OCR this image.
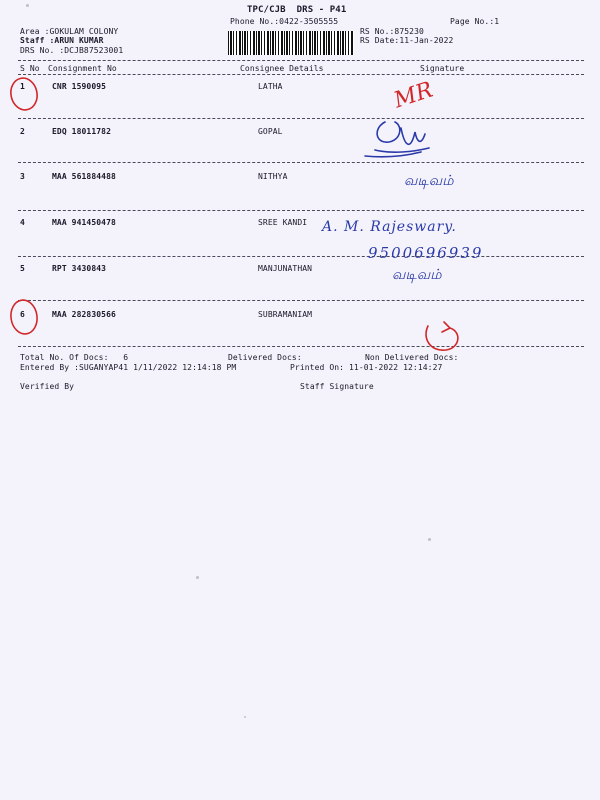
TPC/CJB  DRS - P41
Phone No.:0422-3505555	Page No.:1
Area :GOKULAM COLONY
Staff :ARUN KUMAR
DRS No. :DCJB87523001
RS No.:875230
RS Date:11-Jan-2022
S No Consignment No	Consignee Details	Signature
1	CNR 1590095	LATHA
2	EDQ 18011782	GOPAL
3	MAA 561884488	NITHYA
4	MAA 941450478	SREE KANDI
5	RPT 3430843	MANJUNATHAN
6	MAA 282830566	SUBRAMANIAM
Total No. Of Docs:   6	Delivered Docs:	Non Delivered Docs:
Entered By :SUGANYAP41 1/11/2022 12:14:18 PM	Printed On: 11-01-2022 12:14:27
Verified By	Staff Signature
MR
வடிவம்
வடிவம்
A. M. Rajeswary.
9500696939
